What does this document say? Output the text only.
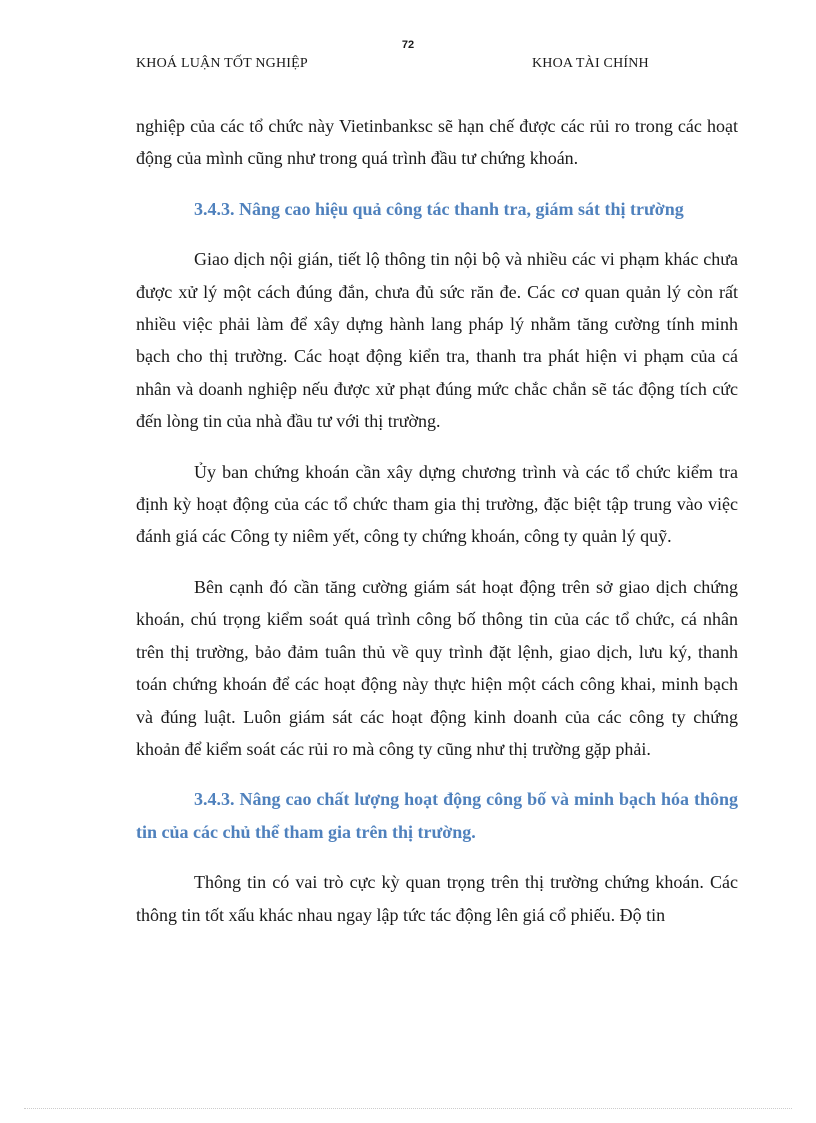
72
KHOÁ LUẬN TỐT NGHIỆP	KHOA TÀI CHÍNH

nghiệp của các tổ chức này Vietinbanksc sẽ hạn chế được các rủi ro trong các hoạt động của mình cũng như trong quá trình đầu tư chứng khoán.

3.4.3. Nâng cao hiệu quả công tác thanh tra, giám sát thị trường

Giao dịch nội gián, tiết lộ thông tin nội bộ và nhiều các vi phạm khác chưa được xử lý một cách đúng đắn, chưa đủ sức răn đe. Các cơ quan quản lý còn rất nhiều việc phải làm để xây dựng hành lang pháp lý nhằm tăng cường tính minh bạch cho thị trường. Các hoạt động kiển tra, thanh tra phát hiện vi phạm của cá nhân và doanh nghiệp nếu được xử phạt đúng mức chắc chắn sẽ tác động tích cức đến lòng tin của nhà đầu tư với thị trường.

Ủy ban chứng khoán cần xây dựng chương trình và các tổ chức kiểm tra định kỳ hoạt động của các tổ chức tham gia thị trường, đặc biệt tập trung vào việc đánh giá các Công ty niêm yết, công ty chứng khoán, công ty quản lý quỹ.

Bên cạnh đó cần tăng cường giám sát hoạt động trên sở giao dịch chứng khoán, chú trọng kiểm soát quá trình công bố thông tin của các tổ chức, cá nhân trên thị trường, bảo đảm tuân thủ về quy trình đặt lệnh, giao dịch, lưu ký, thanh toán chứng khoán để các hoạt động này thực hiện một cách công khai, minh bạch và đúng luật. Luôn giám sát các hoạt động kinh doanh của các công ty chứng khoản để kiểm soát các rủi ro mà công ty cũng như thị trường gặp phải.

3.4.3. Nâng cao chất lượng hoạt động công bố và minh bạch hóa thông tin của các chủ thể tham gia trên thị trường.

Thông tin có vai trò cực kỳ quan trọng trên thị trường chứng khoán. Các thông tin tốt xấu khác nhau ngay lập tức tác động lên giá cổ phiếu. Độ tin
